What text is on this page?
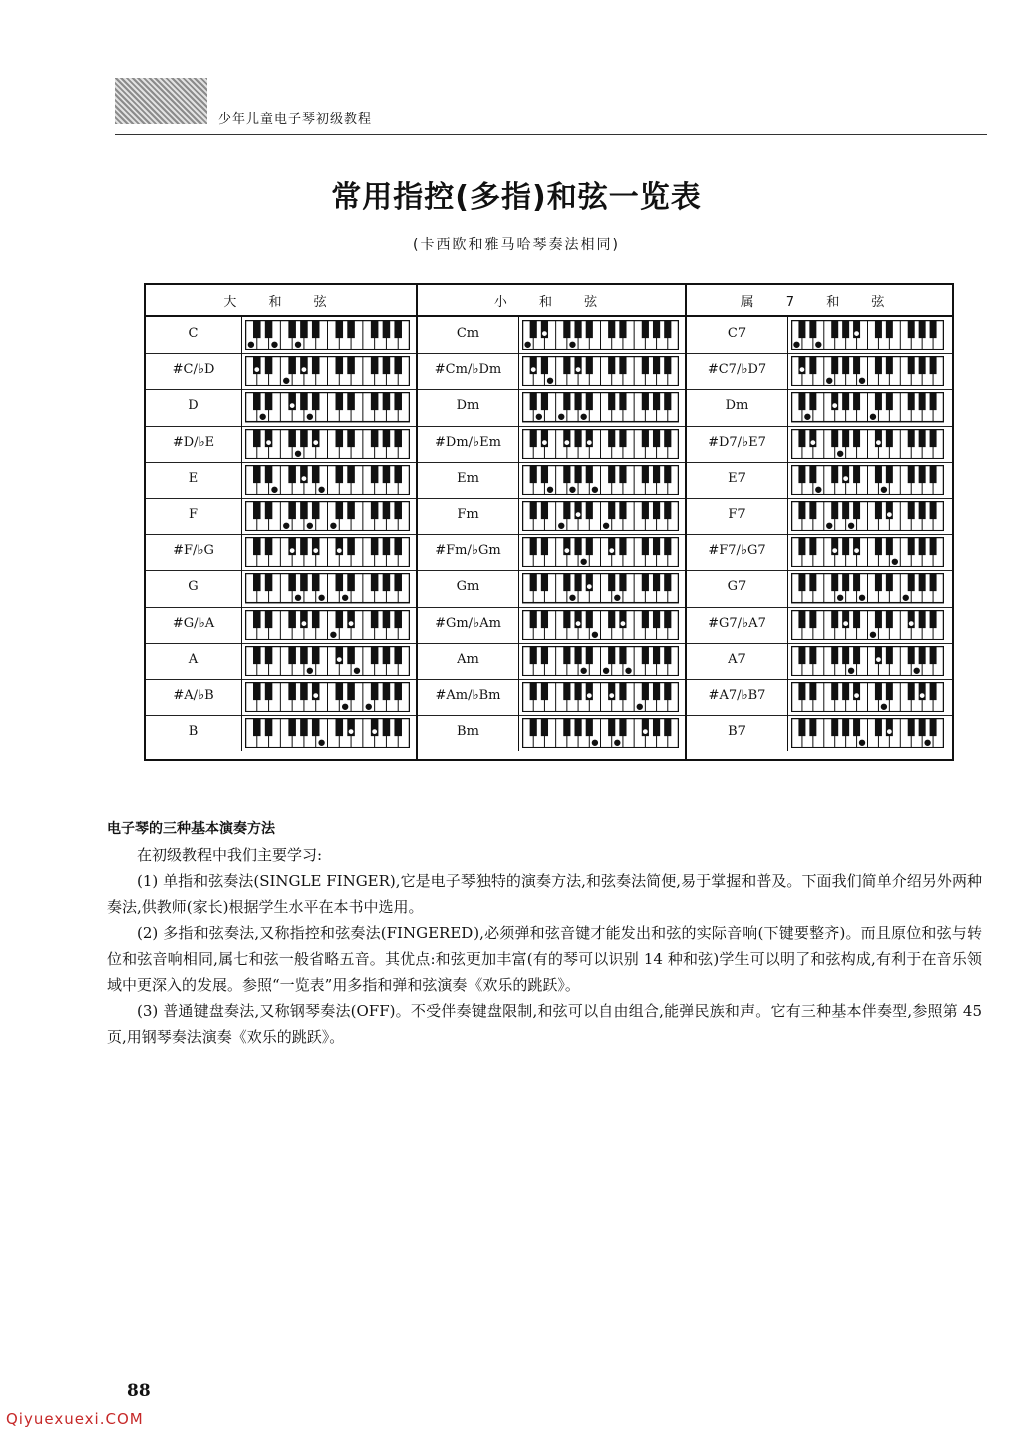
少年儿童电子琴初级教程
常用指控(多指)和弦一览表
(卡西欧和雅马哈琴奏法相同)
大 和 弦
C
#C/♭D
D
#D/♭E
E
F
#F/♭G
G
#G/♭A
A
#A/♭B
B
小 和 弦
Cm
#Cm/♭Dm
Dm
#Dm/♭Em
Em
Fm
#Fm/♭Gm
Gm
#Gm/♭Am
Am
#Am/♭Bm
Bm
属 7 和 弦
C7
#C7/♭D7
Dm
#D7/♭E7
E7
F7
#F7/♭G7
G7
#G7/♭A7
A7
#A7/♭B7
B7
电子琴的三种基本演奏方法

在初级教程中我们主要学习:

(1) 单指和弦奏法(SINGLE FINGER),它是电子琴独特的演奏方法,和弦奏法简便,易于掌握和普及。下面我们简单介绍另外两种奏法,供教师(家长)根据学生水平在本书中选用。

(2) 多指和弦奏法,又称指控和弦奏法(FINGERED),必须弹和弦音键才能发出和弦的实际音响(下键要整齐)。而且原位和弦与转位和弦音响相同,属七和弦一般省略五音。其优点:和弦更加丰富(有的琴可以识别 14 种和弦)学生可以明了和弦构成,有利于在音乐领域中更深入的发展。参照“一览表”用多指和弹和弦演奏《欢乐的跳跃》。

(3) 普通键盘奏法,又称钢琴奏法(OFF)。不受伴奏键盘限制,和弦可以自由组合,能弹民族和声。它有三种基本伴奏型,参照第 45 页,用钢琴奏法演奏《欢乐的跳跃》。

88
Qiyuexuexi.COM
